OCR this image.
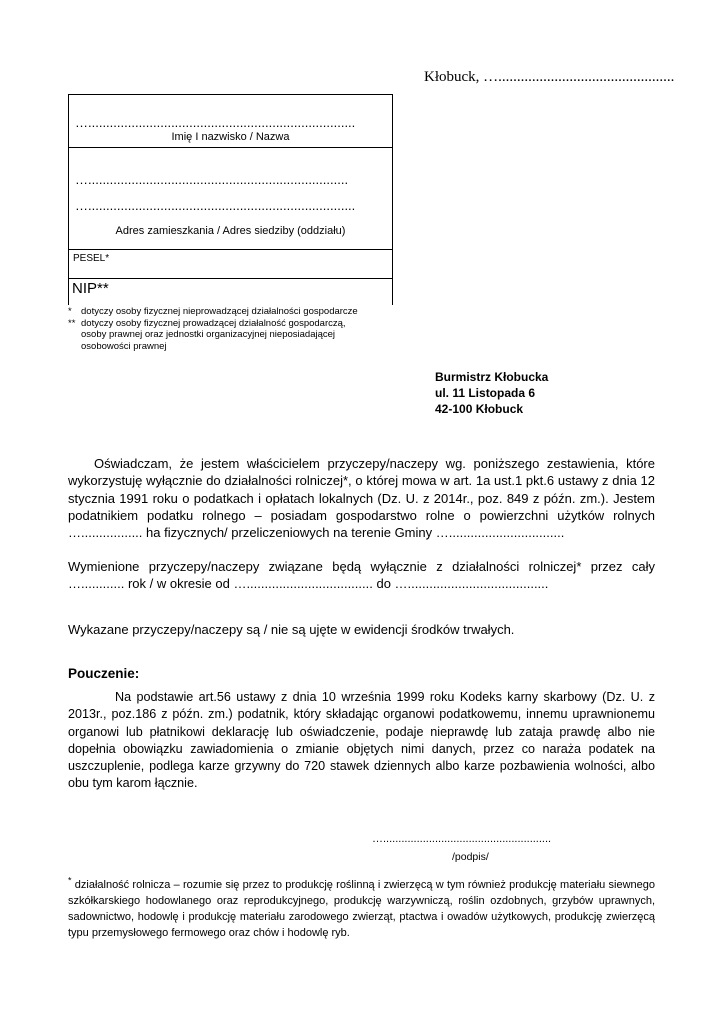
Kłobuck, …...............................................
…..........................................................................
Imię I nazwisko / Nazwa
…........................................................................
…..........................................................................
Adres zamieszkania / Adres siedziby (oddziału)
PESEL*
NIP**
* dotyczy osoby fizycznej nieprowadzącej działalności gospodarcze
** dotyczy osoby fizycznej prowadzącej działalność gospodarczą, osoby prawnej oraz jednostki organizacyjnej nieposiadającej osobowości prawnej
Burmistrz Kłobucka
ul. 11 Listopada 6
42-100 Kłobuck
Oświadczam, że jestem właścicielem przyczepy/naczepy wg. poniższego zestawienia, które wykorzystuję wyłącznie do działalności rolniczej*, o której mowa w art. 1a ust.1 pkt.6 ustawy z dnia 12 stycznia 1991 roku o podatkach i opłatach lokalnych (Dz. U. z 2014r., poz. 849 z późn. zm.). Jestem podatnikiem podatku rolnego – posiadam gospodarstwo rolne o powierzchni użytków rolnych …................. ha fizycznych/ przeliczeniowych na terenie Gminy …................................
Wymienione przyczepy/naczepy związane będą wyłącznie z działalności rolniczej* przez cały …............ rok / w okresie od …................................... do ….......................................
Wykazane przyczepy/naczepy są / nie są ujęte w ewidencji środków trwałych.
Pouczenie:
Na podstawie art.56 ustawy z dnia 10 września 1999 roku Kodeks karny skarbowy (Dz. U. z 2013r., poz.186 z późn. zm.) podatnik, który składając organowi podatkowemu, innemu uprawnionemu organowi lub płatnikowi deklarację lub oświadczenie, podaje nieprawdę lub zataja prawdę albo nie dopełnia obowiązku zawiadomienia o zmianie objętych nimi danych, przez co naraża podatek na uszczuplenie, podlega karze grzywny do 720 stawek dziennych albo karze pozbawienia wolności, albo obu tym karom łącznie.
….......................................................
/podpis/
* działalność rolnicza – rozumie się przez to produkcję roślinną i zwierzęcą w tym również produkcję materiału siewnego szkółkarskiego hodowlanego oraz reprodukcyjnego, produkcję warzywniczą, roślin ozdobnych, grzybów uprawnych, sadownictwo, hodowlę i produkcję materiału zarodowego zwierząt, ptactwa i owadów użytkowych, produkcję zwierzęcą typu przemysłowego fermowego oraz chów i hodowlę ryb.
